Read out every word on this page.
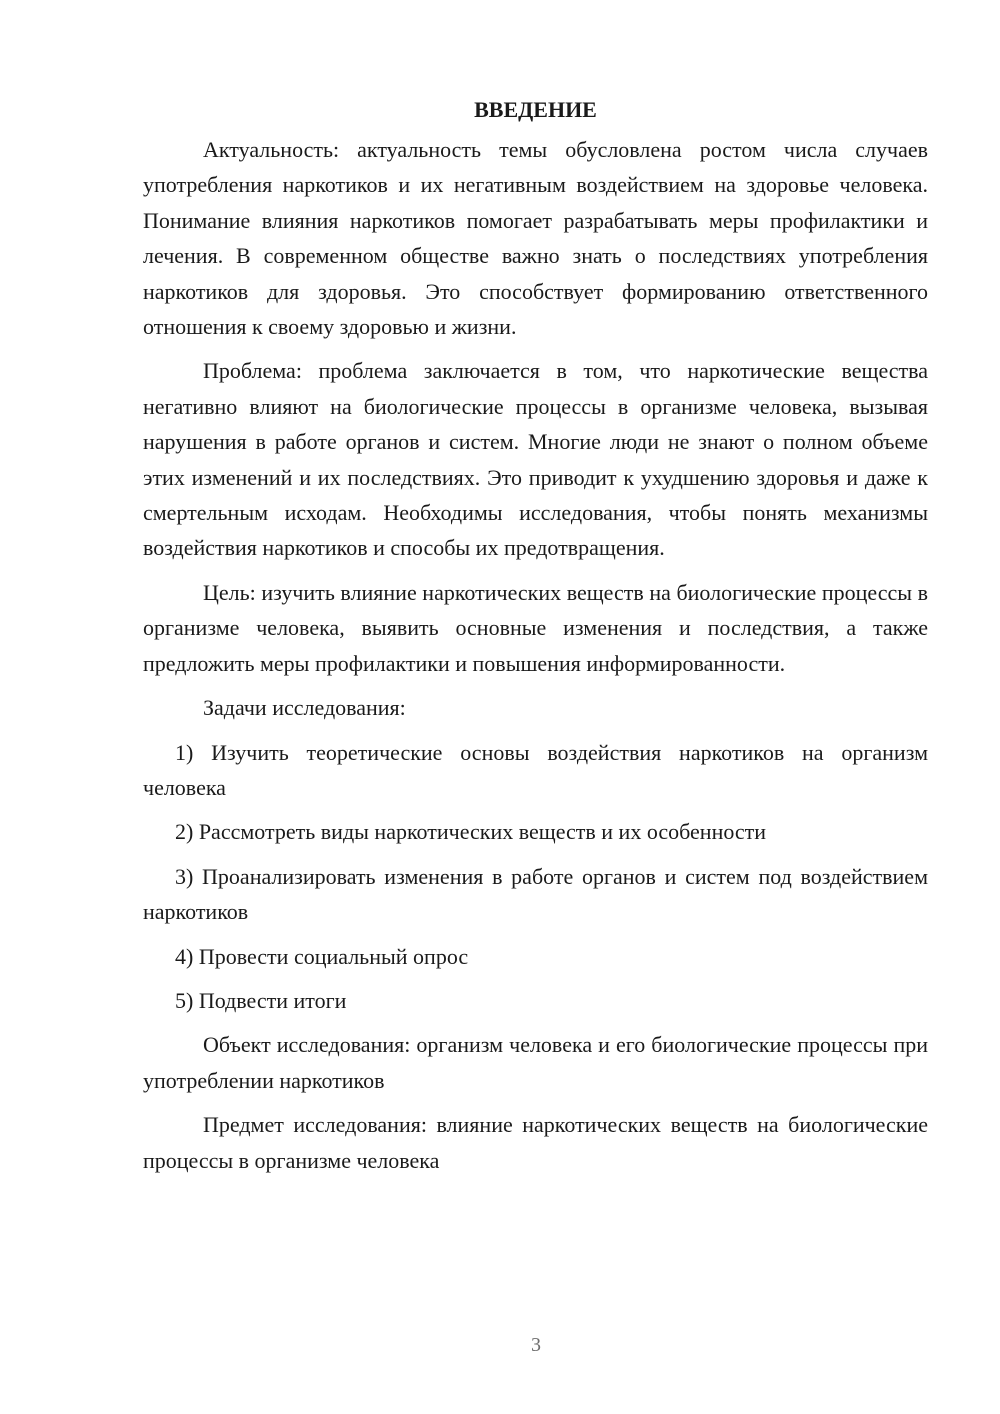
ВВЕДЕНИЕ

Актуальность: актуальность темы обусловлена ростом числа случаев употребления наркотиков и их негативным воздействием на здоровье человека. Понимание влияния наркотиков помогает разрабатывать меры профилактики и лечения. В современном обществе важно знать о последствиях употребления наркотиков для здоровья. Это способствует формированию ответственного отношения к своему здоровью и жизни.

Проблема: проблема заключается в том, что наркотические вещества негативно влияют на биологические процессы в организме человека, вызывая нарушения в работе органов и систем. Многие люди не знают о полном объеме этих изменений и их последствиях. Это приводит к ухудшению здоровья и даже к смертельным исходам. Необходимы исследования, чтобы понять механизмы воздействия наркотиков и способы их предотвращения.

Цель: изучить влияние наркотических веществ на биологические процессы в организме человека, выявить основные изменения и последствия, а также предложить меры профилактики и повышения информированности.

Задачи исследования:

1) Изучить теоретические основы воздействия наркотиков на организм человека

2) Рассмотреть виды наркотических веществ и их особенности

3) Проанализировать изменения в работе органов и систем под воздействием наркотиков

4) Провести социальный опрос

5) Подвести итоги

Объект исследования: организм человека и его биологические процессы при употреблении наркотиков

Предмет исследования: влияние наркотических веществ на биологические процессы в организме человека

3
